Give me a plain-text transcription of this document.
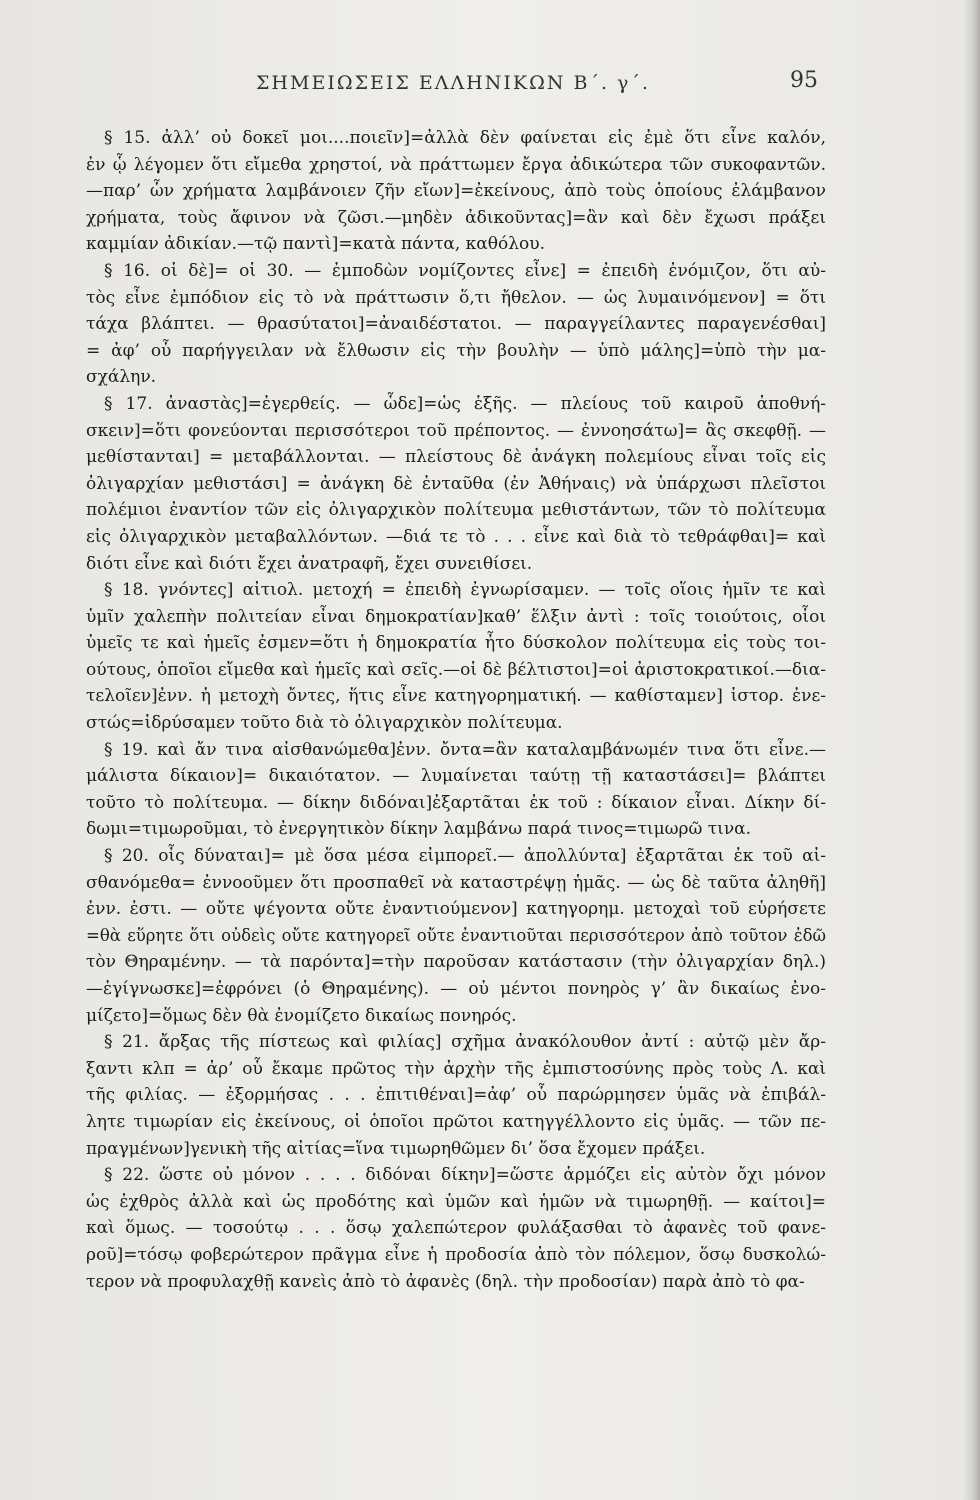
ΣΗΜΕΙΩΣΕΙΣ ΕΛΛΗΝΙΚΩΝ Β΄. γ΄.	95
§ 15. ἀλλ’ οὐ δοκεῖ μοι....ποιεῖν]=ἀλλὰ δὲν φαίνεται εἰς ἐμὲ ὅτι εἶνε καλόν,
ἐν ᾧ λέγομεν ὅτι εἴμεθα χρηστοί, νὰ πράττωμεν ἔργα ἀδικώτερα τῶν συκοφαντῶν.
—παρ’ ὧν χρήματα λαμβάνοιεν ζῆν εἴων]=ἐκείνους, ἀπὸ τοὺς ὁποίους ἐλάμβανον
χρήματα, τοὺς ἄφινον νὰ ζῶσι.—μηδὲν ἀδικοῦντας]=ἂν καὶ δὲν ἔχωσι πράξει
καμμίαν ἀδικίαν.—τῷ παντὶ]=κατὰ πάντα, καθόλου.
§ 16. οἱ δὲ]= οἱ 30. — ἐμποδὼν νομίζοντες εἶνε] = ἐπειδὴ ἐνόμιζον, ὅτι αὐ-
τὸς εἶνε ἐμπόδιον εἰς τὸ νὰ πράττωσιν ὅ,τι ἤθελον. — ὡς λυμαινόμενον] = ὅτι
τάχα βλάπτει. — θρασύτατοι]=ἀναιδέστατοι. — παραγγείλαντες παραγενέσθαι]
= ἀφ’ οὗ παρήγγειλαν νὰ ἔλθωσιν εἰς τὴν βουλὴν — ὑπὸ μάλης]=ὑπὸ τὴν μα-
σχάλην.
§ 17. ἀναστὰς]=ἐγερθείς. — ὧδε]=ὡς ἑξῆς. — πλείους τοῦ καιροῦ ἀποθνή-
σκειν]=ὅτι φονεύονται περισσότεροι τοῦ πρέποντος. — ἐννοησάτω]= ἂς σκεφθῇ. —
μεθίστανται] = μεταβάλλονται. — πλείστους δὲ ἀνάγκη πολεμίους εἶναι τοῖς εἰς
ὀλιγαρχίαν μεθιστάσι] = ἀνάγκη δὲ ἐνταῦθα (ἐν Ἀθήναις) νὰ ὑπάρχωσι πλεῖστοι
πολέμιοι ἐναντίον τῶν εἰς ὀλιγαρχικὸν πολίτευμα μεθιστάντων, τῶν τὸ πολίτευμα
εἰς ὀλιγαρχικὸν μεταβαλλόντων. —διά τε τὸ . . . εἶνε καὶ διὰ τὸ τεθράφθαι]= καὶ
διότι εἶνε καὶ διότι ἔχει ἀνατραφῆ, ἔχει συνειθίσει.
§ 18. γνόντες] αἰτιολ. μετοχή = ἐπειδὴ ἐγνωρίσαμεν. — τοῖς οἵοις ἡμῖν τε καὶ
ὑμῖν χαλεπὴν πολιτείαν εἶναι δημοκρατίαν]καθ’ ἕλξιν ἀντὶ : τοῖς τοιούτοις, οἷοι
ὑμεῖς τε καὶ ἡμεῖς ἐσμεν=ὅτι ἡ δημοκρατία ἦτο δύσκολον πολίτευμα εἰς τοὺς τοι-
ούτους, ὁποῖοι εἴμεθα καὶ ἡμεῖς καὶ σεῖς.—οἱ δὲ βέλτιστοι]=οἱ ἀριστοκρατικοί.—δια-
τελοῖεν]ἐνν. ἡ μετοχὴ ὄντες, ἥτις εἶνε κατηγορηματική. — καθίσταμεν] ἱστορ. ἐνε-
στώς=ἱδρύσαμεν τοῦτο διὰ τὸ ὀλιγαρχικὸν πολίτευμα.
§ 19. καὶ ἄν τινα αἰσθανώμεθα]ἐνν. ὄντα=ἂν καταλαμβάνωμέν τινα ὅτι εἶνε.—
μάλιστα δίκαιον]= δικαιότατον. — λυμαίνεται ταύτῃ τῇ καταστάσει]= βλάπτει
τοῦτο τὸ πολίτευμα. — δίκην διδόναι]ἐξαρτᾶται ἐκ τοῦ : δίκαιον εἶναι. Δίκην δί-
δωμι=τιμωροῦμαι, τὸ ἐνεργητικὸν δίκην λαμβάνω παρά τινος=τιμωρῶ τινα.
§ 20. οἷς δύναται]= μὲ ὅσα μέσα εἰμπορεῖ.— ἀπολλύντα] ἐξαρτᾶται ἐκ τοῦ αἰ-
σθανόμεθα= ἐννοοῦμεν ὅτι προσπαθεῖ νὰ καταστρέψῃ ἡμᾶς. — ὡς δὲ ταῦτα ἀληθῆ]
ἐνν. ἐστι. — οὔτε ψέγοντα οὔτε ἐναντιούμενον] κατηγορημ. μετοχαὶ τοῦ εὑρήσετε
=θὰ εὕρητε ὅτι οὐδεὶς οὔτε κατηγορεῖ οὔτε ἐναντιοῦται περισσότερον ἀπὸ τοῦτον ἐδῶ
τὸν Θηραμένην. — τὰ παρόντα]=τὴν παροῦσαν κατάστασιν (τὴν ὀλιγαρχίαν δηλ.)
—ἐγίγνωσκε]=ἐφρόνει (ὁ Θηραμένης). — οὐ μέντοι πονηρὸς γ’ ἂν δικαίως ἐνο-
μίζετο]=ὅμως δὲν θὰ ἐνομίζετο δικαίως πονηρός.
§ 21. ἄρξας τῆς πίστεως καὶ φιλίας] σχῆμα ἀνακόλουθον ἀντί : αὐτῷ μὲν ἄρ-
ξαντι κλπ = ἀρ’ οὗ ἔκαμε πρῶτος τὴν ἀρχὴν τῆς ἐμπιστοσύνης πρὸς τοὺς Λ. καὶ
τῆς φιλίας. — ἐξορμήσας . . . ἐπιτιθέναι]=ἀφ’ οὗ παρώρμησεν ὑμᾶς νὰ ἐπιβάλ-
λητε τιμωρίαν εἰς ἐκείνους, οἱ ὁποῖοι πρῶτοι κατηγγέλλοντο εἰς ὑμᾶς. — τῶν πε-
πραγμένων]γενικὴ τῆς αἰτίας=ἵνα τιμωρηθῶμεν δι’ ὅσα ἔχομεν πράξει.
§ 22. ὥστε οὐ μόνον . . . . διδόναι δίκην]=ὥστε ἁρμόζει εἰς αὐτὸν ὄχι μόνον
ὡς ἐχθρὸς ἀλλὰ καὶ ὡς προδότης καὶ ὑμῶν καὶ ἡμῶν νὰ τιμωρηθῇ. — καίτοι]=
καὶ ὅμως. — τοσούτῳ . . . ὅσῳ χαλεπώτερον φυλάξασθαι τὸ ἀφανὲς τοῦ φανε-
ροῦ]=τόσῳ φοβερώτερον πρᾶγμα εἶνε ἡ προδοσία ἀπὸ τὸν πόλεμον, ὅσῳ δυσκολώ-
τερον νὰ προφυλαχθῇ κανεὶς ἀπὸ τὸ ἀφανὲς (δηλ. τὴν προδοσίαν) παρὰ ἀπὸ τὸ φα-
